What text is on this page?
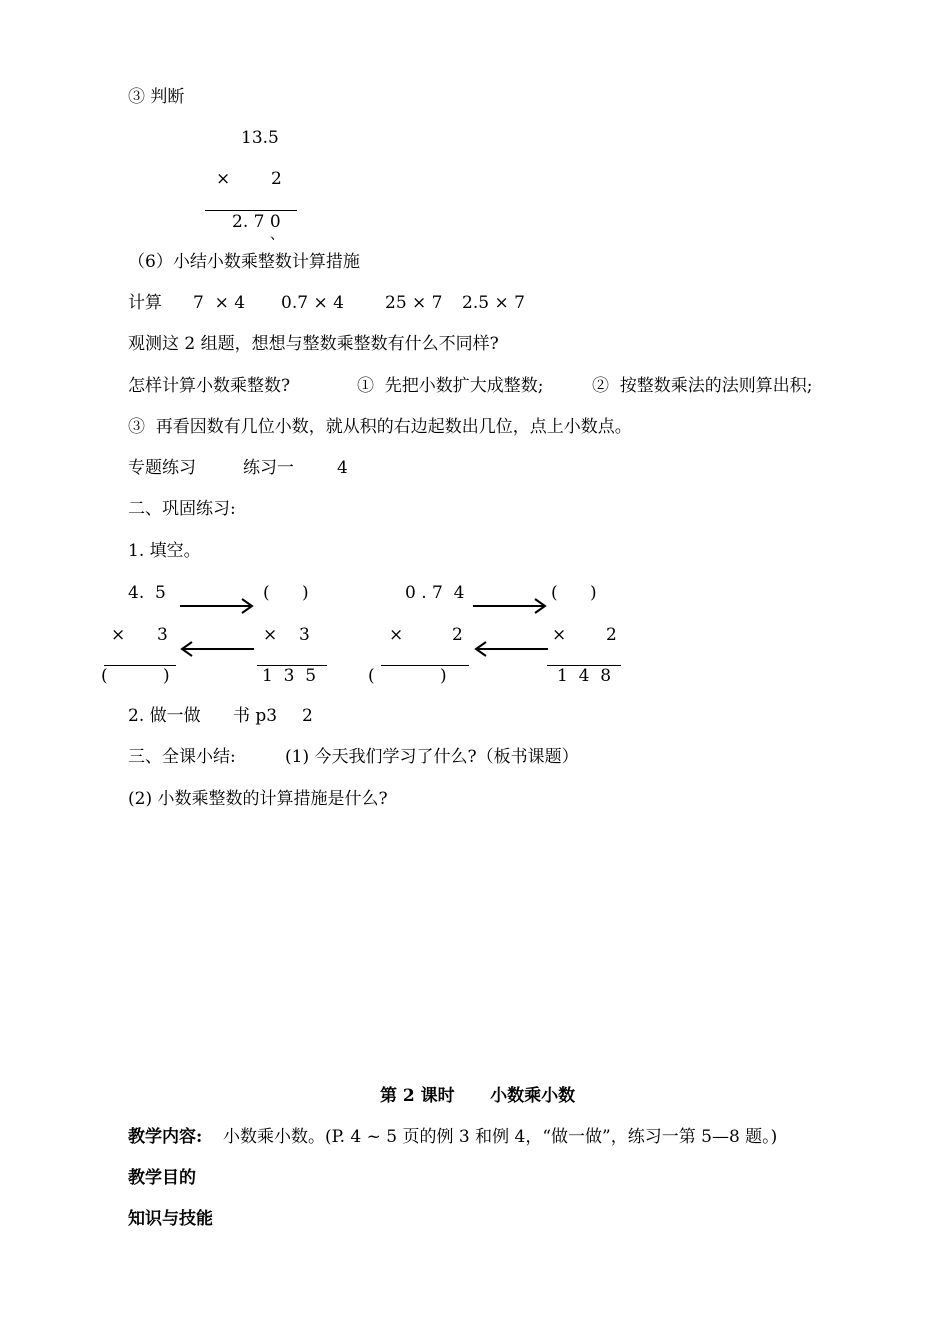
③ 判断
13.5
× 2
2. 7 0
、
（6）小结小数乘整数计算措施
计算 7  × 4 0.7 × 4 25 × 7 2.5 × 7
观测这 2 组题，想想与整数乘整数有什么不同样?
怎样计算小数乘整数?	①  先把小数扩大成整数;	②  按整数乘法的法则算出积;
③  再看因数有几位小数，就从积的右边起数出几位，点上小数点。
专题练习	练习一	4
二、巩固练习:
1. 填空。
4.  5	(      )
× 3	× 3
(	)	1  3  5
0 . 7  4	(      )
×	2	× 2
(	)	1  4  8
2. 做一做 书 p3 2
三、全课小结:	(1) 今天我们学习了什么?（板书课题）
(2) 小数乘整数的计算措施是什么?
第 2 课时      小数乘小数
教学内容: 小数乘小数。(P. 4 ~ 5 页的例 3 和例 4，“做一做”，练习一第 5—8 题。)
教学目的
知识与技能
